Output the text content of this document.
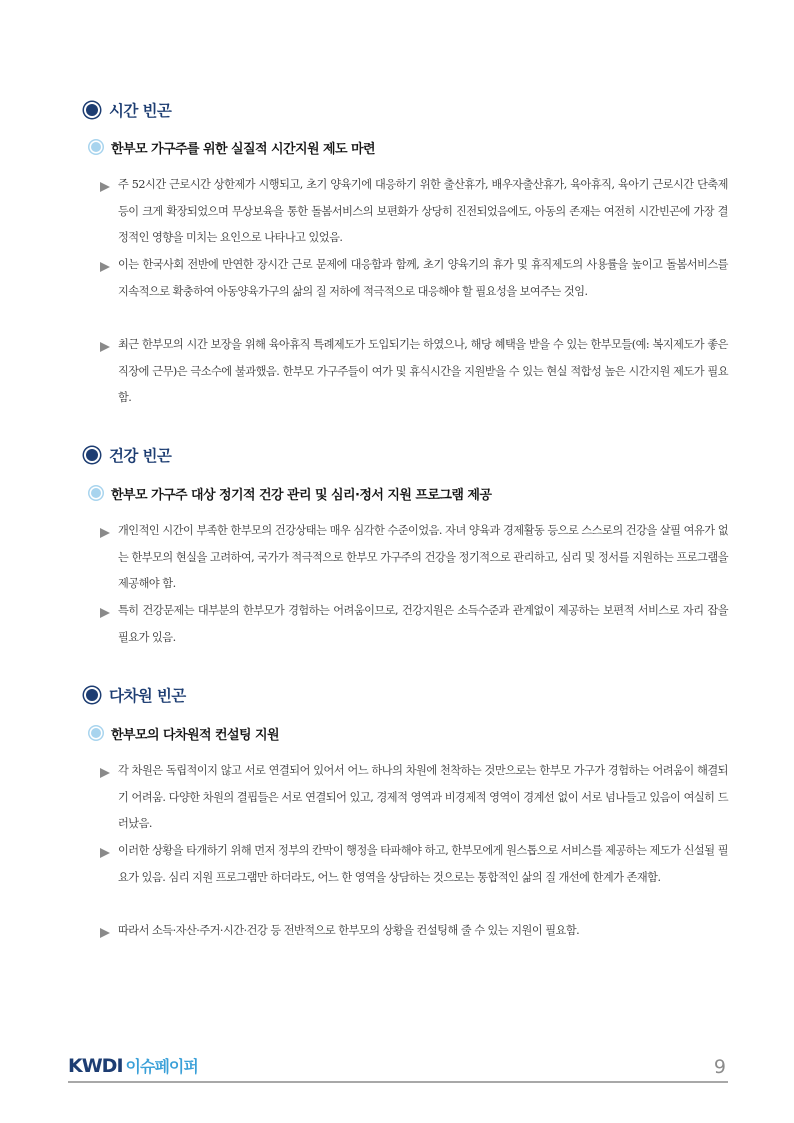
시간 빈곤
한부모 가구주를 위한 실질적 시간지원 제도 마련
주 52시간 근로시간 상한제가 시행되고, 초기 양육기에 대응하기 위한 출산휴가, 배우자출산휴가, 육아휴직, 육아기 근로시간 단축제 등이 크게 확장되었으며 무상보육을 통한 돌봄서비스의 보편화가 상당히 진전되었음에도, 아동의 존재는 여전히 시간빈곤에 가장 결정적인 영향을 미치는 요인으로 나타나고 있었음.
이는 한국사회 전반에 만연한 장시간 근로 문제에 대응함과 함께, 초기 양육기의 휴가 및 휴직제도의 사용률을 높이고 돌봄서비스를 지속적으로 확충하여 아동양육가구의 삶의 질 저하에 적극적으로 대응해야 할 필요성을 보여주는 것임.
최근 한부모의 시간 보장을 위해 육아휴직 특례제도가 도입되기는 하였으나, 해당 혜택을 받을 수 있는 한부모들(예: 복지제도가 좋은 직장에 근무)은 극소수에 불과했음. 한부모 가구주들이 여가 및 휴식시간을 지원받을 수 있는 현실 적합성 높은 시간지원 제도가 필요함.
건강 빈곤
한부모 가구주 대상 정기적 건강 관리 및 심리·정서 지원 프로그램 제공
개인적인 시간이 부족한 한부모의 건강상태는 매우 심각한 수준이었음. 자녀 양육과 경제활동 등으로 스스로의 건강을 살필 여유가 없는 한부모의 현실을 고려하여, 국가가 적극적으로 한부모 가구주의 건강을 정기적으로 관리하고, 심리 및 정서를 지원하는 프로그램을 제공해야 함.
특히 건강문제는 대부분의 한부모가 경험하는 어려움이므로, 건강지원은 소득수준과 관계없이 제공하는 보편적 서비스로 자리 잡을 필요가 있음.
다차원 빈곤
한부모의 다차원적 컨설팅 지원
각 차원은 독립적이지 않고 서로 연결되어 있어서 어느 하나의 차원에 천착하는 것만으로는 한부모 가구가 경험하는 어려움이 해결되기 어려움. 다양한 차원의 결핍들은 서로 연결되어 있고, 경제적 영역과 비경제적 영역이 경계선 없이 서로 넘나들고 있음이 여실히 드러났음.
이러한 상황을 타개하기 위해 먼저 정부의 칸막이 행정을 타파해야 하고, 한부모에게 원스톱으로 서비스를 제공하는 제도가 신설될 필요가 있음. 심리 지원 프로그램만 하더라도, 어느 한 영역을 상담하는 것으로는 통합적인 삶의 질 개선에 한계가 존재함.
따라서 소득·자산·주거·시간·건강 등 전반적으로 한부모의 상황을 컨설팅해 줄 수 있는 지원이 필요함.
KWDI 이슈페이퍼	9
